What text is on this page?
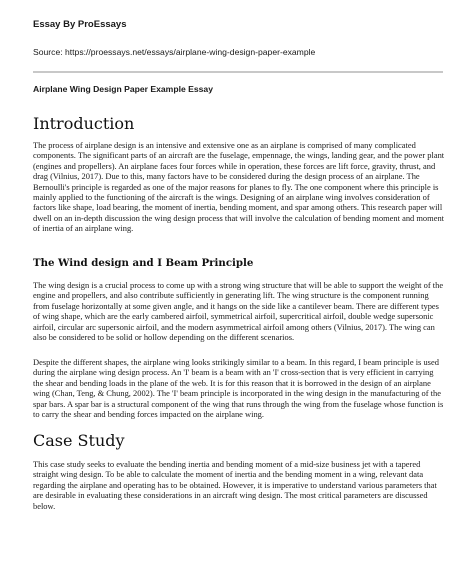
Essay By ProEssays
Source: https://proessays.net/essays/airplane-wing-design-paper-example
Airplane Wing Design Paper Example Essay
Introduction

The process of airplane design is an intensive and extensive one as an airplane is comprised of many complicated components. The significant parts of an aircraft are the fuselage, empennage, the wings, landing gear, and the power plant (engines and propellers). An airplane faces four forces while in operation, these forces are lift force, gravity, thrust, and drag (Vilnius, 2017). Due to this, many factors have to be considered during the design process of an airplane. The Bernoulli's principle is regarded as one of the major reasons for planes to fly. The one component where this principle is mainly applied to the functioning of the aircraft is the wings. Designing of an airplane wing involves consideration of factors like shape, load bearing, the moment of inertia, bending moment, and spar among others. This research paper will dwell on an in-depth discussion the wing design process that will involve the calculation of bending moment and moment of inertia of an airplane wing.

The Wind design and I Beam Principle

The wing design is a crucial process to come up with a strong wing structure that will be able to support the weight of the engine and propellers, and also contribute sufficiently in generating lift. The wing structure is the component running from fuselage horizontally at some given angle, and it hangs on the side like a cantilever beam. There are different types of wing shape, which are the early cambered airfoil, symmetrical airfoil, supercritical airfoil, double wedge supersonic airfoil, circular arc supersonic airfoil, and the modern asymmetrical airfoil among others (Vilnius, 2017). The wing can also be considered to be solid or hollow depending on the different scenarios.

Despite the different shapes, the airplane wing looks strikingly similar to a beam. In this regard, I beam principle is used during the airplane wing design process. An 'I' beam is a beam with an 'I' cross-section that is very efficient in carrying the shear and bending loads in the plane of the web. It is for this reason that it is borrowed in the design of an airplane wing (Chan, Teng, & Chung, 2002). The 'I' beam principle is incorporated in the wing design in the manufacturing of the spar bars. A spar bar is a structural component of the wing that runs through the wing from the fuselage whose function is to carry the shear and bending forces impacted on the airplane wing.

Case Study

This case study seeks to evaluate the bending inertia and bending moment of a mid-size business jet with a tapered straight wing design. To be able to calculate the moment of inertia and the bending moment in a wing, relevant data regarding the airplane and operating has to be obtained. However, it is imperative to understand various parameters that are desirable in evaluating these considerations in an aircraft wing design. The most critical parameters are discussed below.
